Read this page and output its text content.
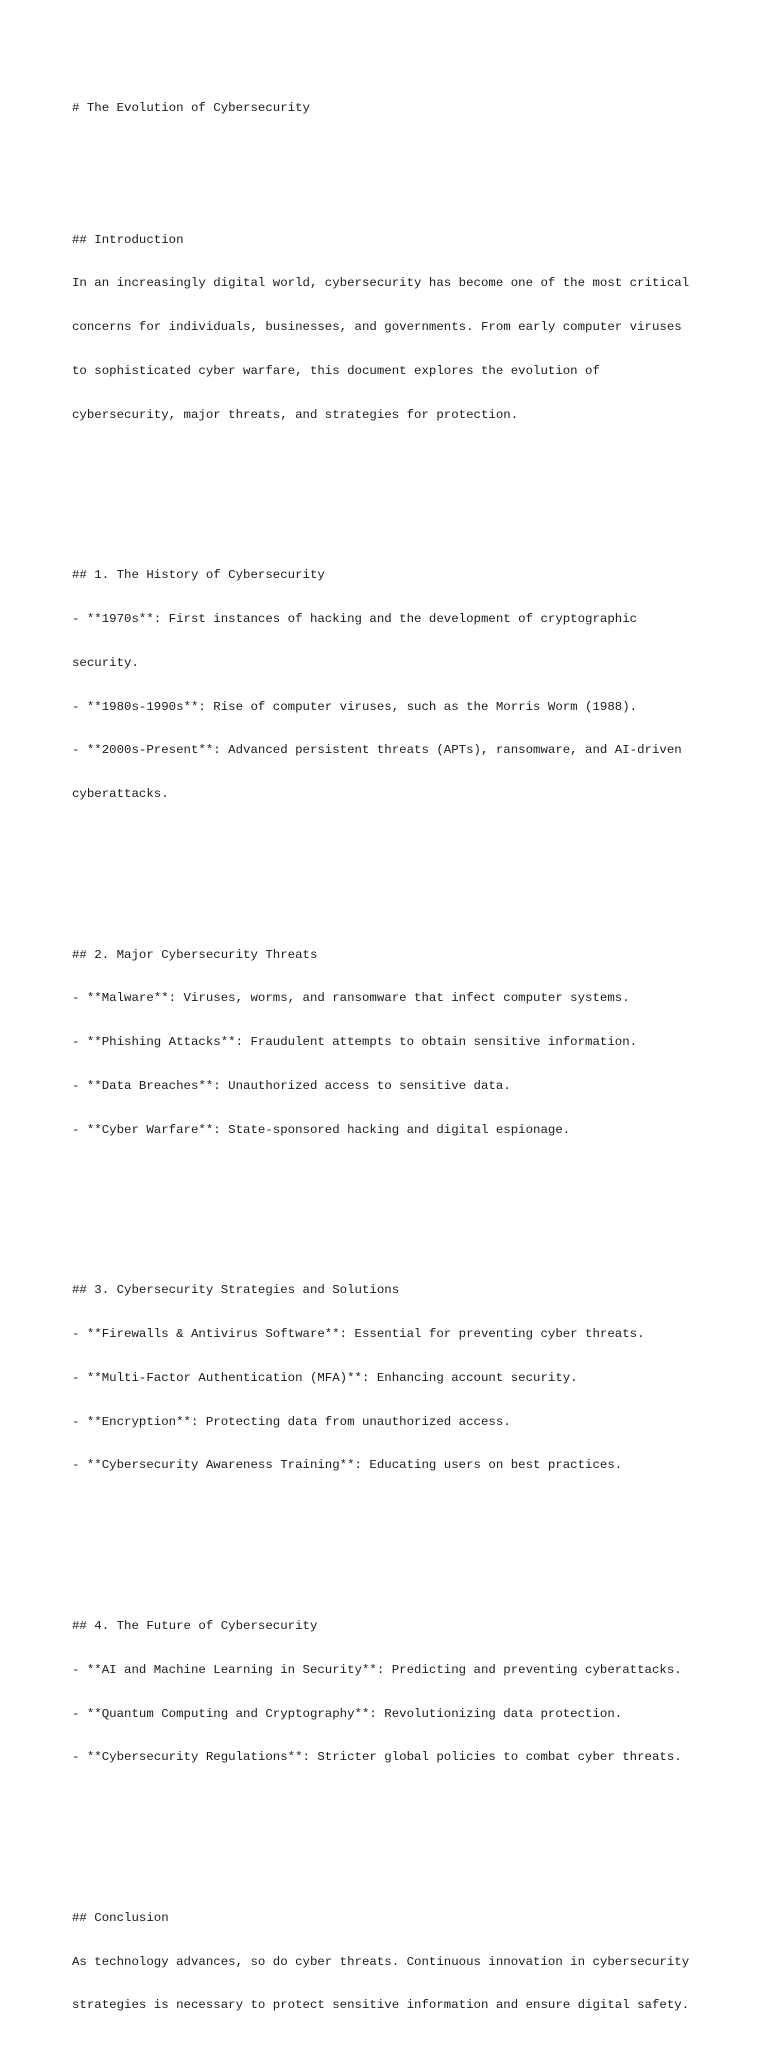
# The Evolution of Cybersecurity

## Introduction

In an increasingly digital world, cybersecurity has become one of the most critical

concerns for individuals, businesses, and governments. From early computer viruses

to sophisticated cyber warfare, this document explores the evolution of

cybersecurity, major threats, and strategies for protection.

## 1. The History of Cybersecurity

- **1970s**: First instances of hacking and the development of cryptographic

security.

- **1980s-1990s**: Rise of computer viruses, such as the Morris Worm (1988).

- **2000s-Present**: Advanced persistent threats (APTs), ransomware, and AI-driven

cyberattacks.

## 2. Major Cybersecurity Threats

- **Malware**: Viruses, worms, and ransomware that infect computer systems.

- **Phishing Attacks**: Fraudulent attempts to obtain sensitive information.

- **Data Breaches**: Unauthorized access to sensitive data.

- **Cyber Warfare**: State-sponsored hacking and digital espionage.

## 3. Cybersecurity Strategies and Solutions

- **Firewalls & Antivirus Software**: Essential for preventing cyber threats.

- **Multi-Factor Authentication (MFA)**: Enhancing account security.

- **Encryption**: Protecting data from unauthorized access.

- **Cybersecurity Awareness Training**: Educating users on best practices.

## 4. The Future of Cybersecurity

- **AI and Machine Learning in Security**: Predicting and preventing cyberattacks.

- **Quantum Computing and Cryptography**: Revolutionizing data protection.

- **Cybersecurity Regulations**: Stricter global policies to combat cyber threats.

## Conclusion

As technology advances, so do cyber threats. Continuous innovation in cybersecurity

strategies is necessary to protect sensitive information and ensure digital safety.
